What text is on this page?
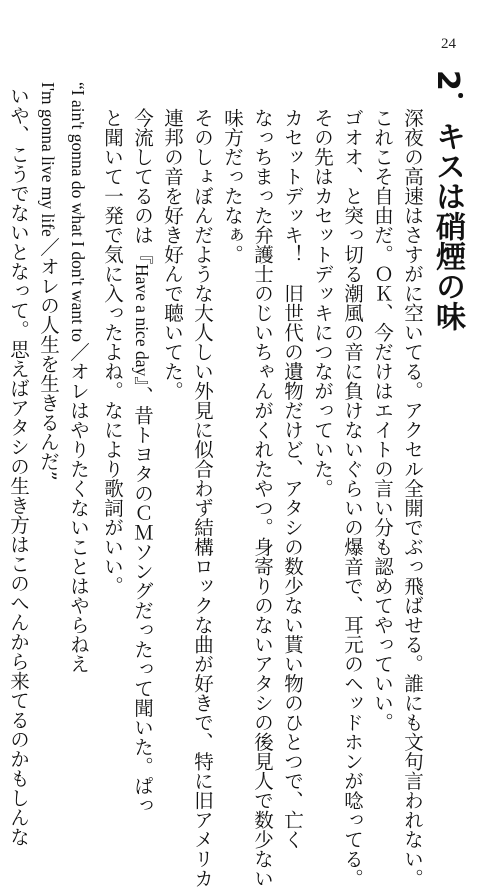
24
2．キスは硝煙の味
深夜の高速はさすがに空いてる。アクセル全開でぶっ飛ばせる。誰にも文句言われない。
これこそ自由だ。ＯＫ、今だけはエイトの言い分も認めてやっていい。
ゴオオ、と突っ切る潮風の音に負けないぐらいの爆音で、耳元のヘッドホンが唸ってる。
その先はカセットデッキにつながっていた。
カセットデッキ！　旧世代の遺物だけど、アタシの数少ない貰い物のひとつで、亡く
なっちまった弁護士のじいちゃんがくれたやつ。身寄りのないアタシの後見人で数少ない
味方だったなぁ。
そのしょぼんだような大人しい外見に似合わず結構ロックな曲が好きで、特に旧アメリカ
連邦の音を好き好んで聴いてた。
今流してるのは『Have a nice day』、昔トヨタのＣＭソングだったって聞いた。ぱっ
と聞いて一発で気に入ったよね。なにより歌詞がいい。
“I ain't gonna do what I don't want to／オレはやりたくないことはやらねえ
I'm gonna live my life／オレの人生を生きるんだ”
いや、こうでないとなって。思えばアタシの生き方はこのへんから来てるのかもしんな
